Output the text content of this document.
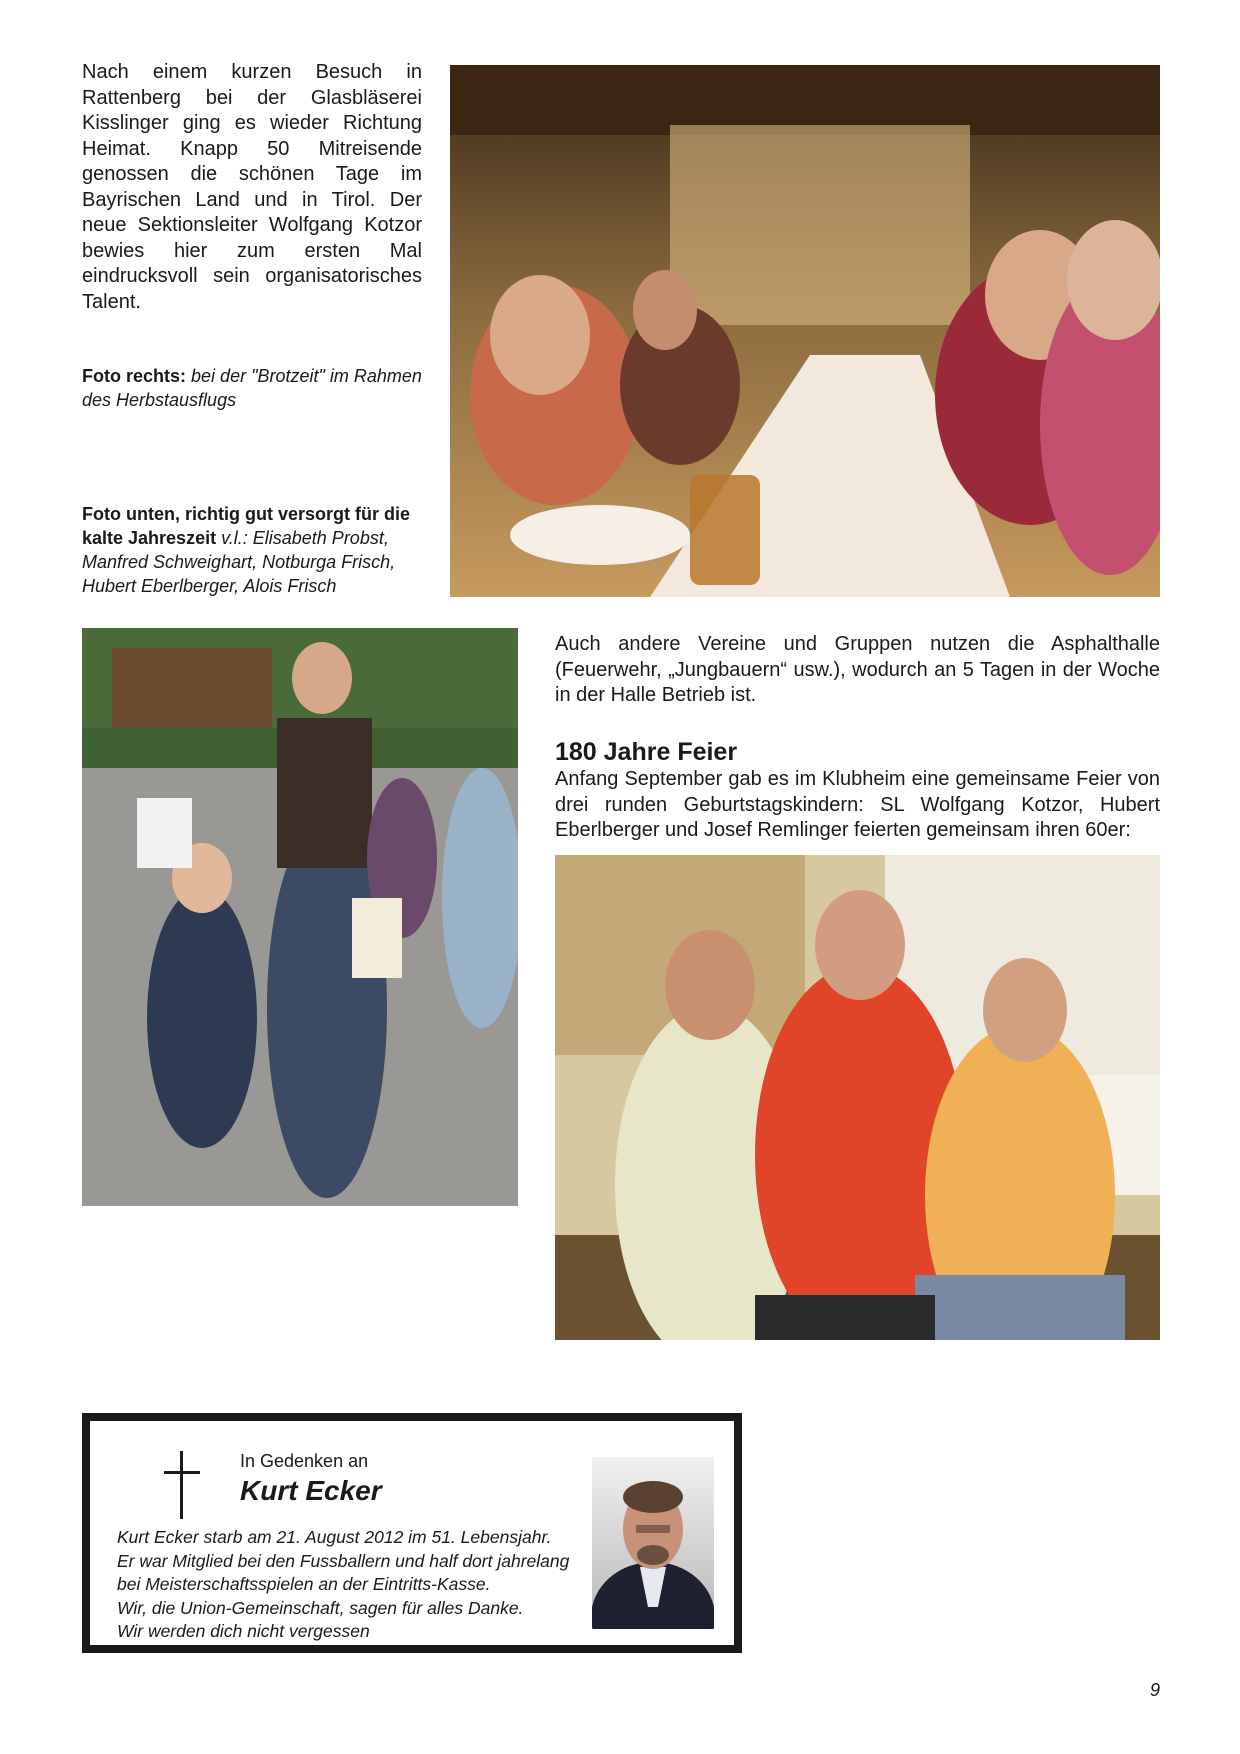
Nach einem kurzen Besuch in Rattenberg bei der Glasbläserei Kisslinger ging es wieder Richtung Heimat. Knapp 50 Mitreisende genossen die schönen Tage im Bayrischen Land und in Tirol. Der neue Sektionsleiter Wolfgang Kotzor bewies hier zum ersten Mal eindrucksvoll sein organisatorisches Talent.
Foto rechts: bei der "Brotzeit" im Rahmen des Herbstausflugs
Foto unten, richtig gut versorgt für die kalte Jahreszeit v.l.: Elisabeth Probst, Manfred Schweighart, Notburga Frisch, Hubert Eberlberger, Alois Frisch
Auch andere Vereine und Gruppen nutzen die Asphalthalle (Feuerwehr, „Jungbauern“ usw.), wodurch an 5 Tagen in der Woche in der Halle Betrieb ist.
180 Jahre Feier
Anfang September gab es im Klubheim eine gemeinsame Feier von drei runden Geburtstagskindern: SL Wolfgang Kotzor, Hubert Eberlberger und Josef Remlinger feierten gemeinsam ihren 60er:
In Gedenken an
Kurt Ecker
Kurt Ecker starb am 21. August 2012 im 51. Lebensjahr.
Er war Mitglied bei den Fussballern und half dort jahrelang
bei Meisterschaftsspielen an der Eintritts-Kasse.
Wir, die Union-Gemeinschaft, sagen für alles Danke.
Wir werden dich nicht vergessen
9
